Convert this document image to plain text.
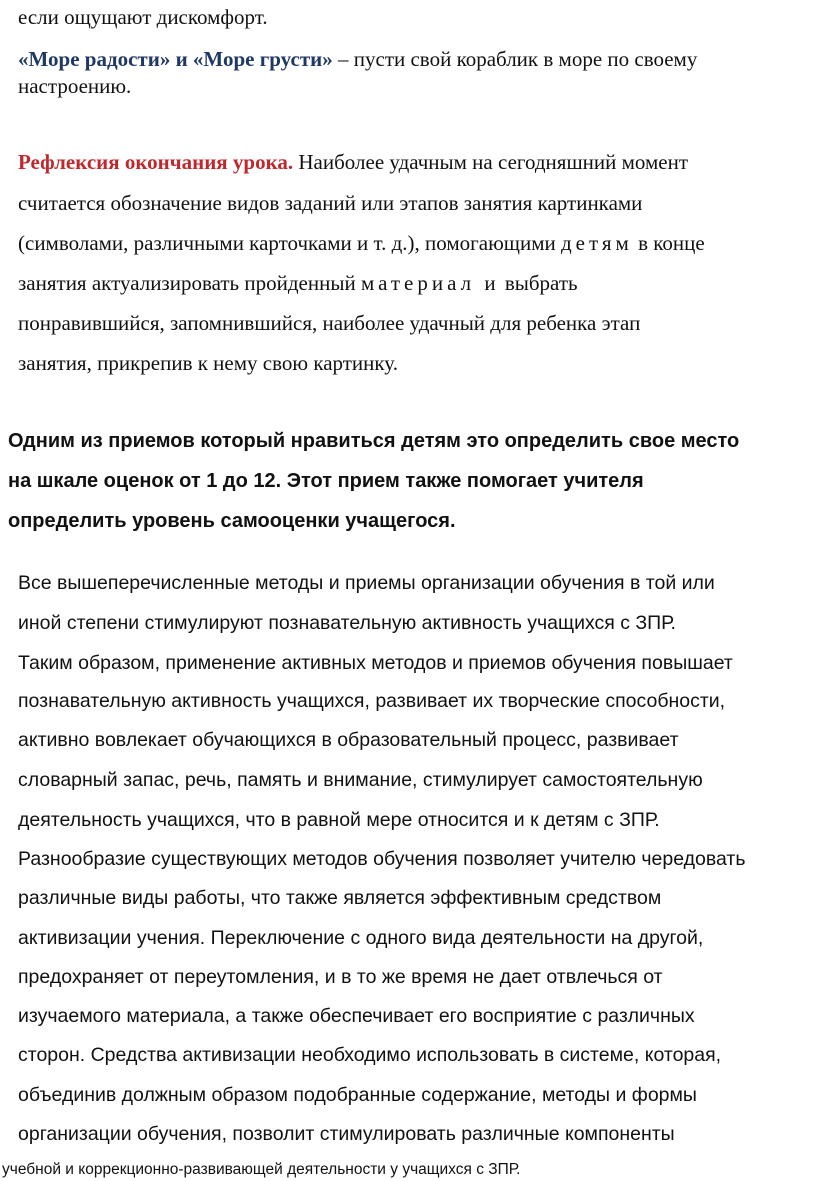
если ощущают дискомфорт.
«Море радости» и «Море грусти» – пусти свой кораблик в море по своему
настроению.
Рефлексия окончания урока. Наиболее удачным на сегодняшний момент
считается обозначение видов заданий или этапов занятия картинками
(символами, различными карточками и т. д.), помогающими детям в конце
занятия актуализировать пройденный материал и выбрать
понравившийся, запомнившийся, наиболее удачный для ребенка этап
занятия, прикрепив к нему свою картинку.
Одним из приемов который нравиться детям это определить свое место
на шкале оценок от 1 до 12. Этот прием также помогает учителя
определить уровень самооценки учащегося.
Все вышеперечисленные методы и приемы организации обучения в той или
иной степени стимулируют познавательную активность учащихся с ЗПР.
Таким образом, применение активных методов и приемов обучения повышает
познавательную активность учащихся, развивает их творческие способности,
активно вовлекает обучающихся в образовательный процесс, развивает
словарный запас, речь, память и внимание, стимулирует самостоятельную
деятельность учащихся, что в равной мере относится и к детям с ЗПР.
Разнообразие существующих методов обучения позволяет учителю чередовать
различные виды работы, что также является эффективным средством
активизации учения. Переключение с одного вида деятельности на другой,
предохраняет от переутомления, и в то же время не дает отвлечься от
изучаемого материала, а также обеспечивает его восприятие с различных
сторон. Средства активизации необходимо использовать в системе, которая,
объединив должным образом подобранные содержание, методы и формы
организации обучения, позволит стимулировать различные компоненты
учебной и коррекционно-развивающей деятельности у учащихся с ЗПР.
